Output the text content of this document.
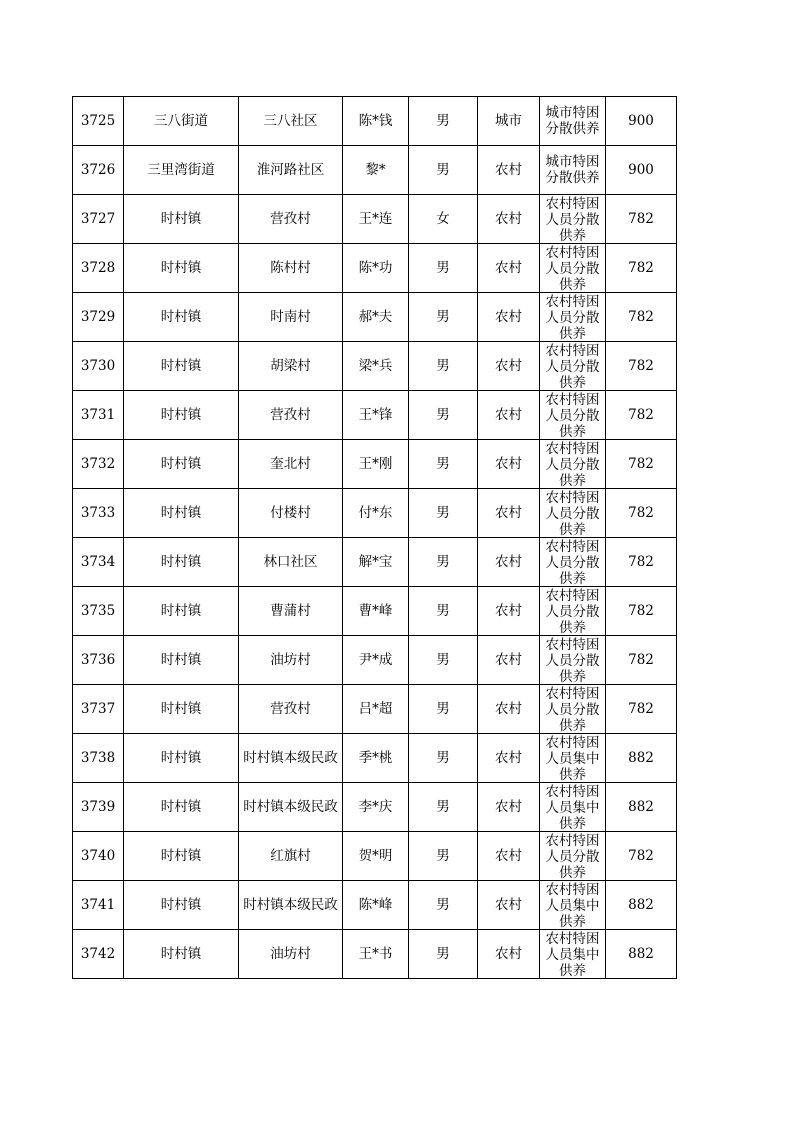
3725	三八街道	三八社区	陈*钱	男	城市	城市特困分散供养	900
3726	三里湾街道	淮河路社区	黎*	男	农村	城市特困分散供养	900
3727	时村镇	营孜村	王*连	女	农村	农村特困人员分散供养	782
3728	时村镇	陈村村	陈*功	男	农村	农村特困人员分散供养	782
3729	时村镇	时南村	郝*夫	男	农村	农村特困人员分散供养	782
3730	时村镇	胡梁村	梁*兵	男	农村	农村特困人员分散供养	782
3731	时村镇	营孜村	王*锋	男	农村	农村特困人员分散供养	782
3732	时村镇	奎北村	王*刚	男	农村	农村特困人员分散供养	782
3733	时村镇	付楼村	付*东	男	农村	农村特困人员分散供养	782
3734	时村镇	林口社区	解*宝	男	农村	农村特困人员分散供养	782
3735	时村镇	曹蒲村	曹*峰	男	农村	农村特困人员分散供养	782
3736	时村镇	油坊村	尹*成	男	农村	农村特困人员分散供养	782
3737	时村镇	营孜村	吕*超	男	农村	农村特困人员分散供养	782
3738	时村镇	时村镇本级民政	季*桃	男	农村	农村特困人员集中供养	882
3739	时村镇	时村镇本级民政	李*庆	男	农村	农村特困人员集中供养	882
3740	时村镇	红旗村	贺*明	男	农村	农村特困人员分散供养	782
3741	时村镇	时村镇本级民政	陈*峰	男	农村	农村特困人员集中供养	882
3742	时村镇	油坊村	王*书	男	农村	农村特困人员集中供养	882
